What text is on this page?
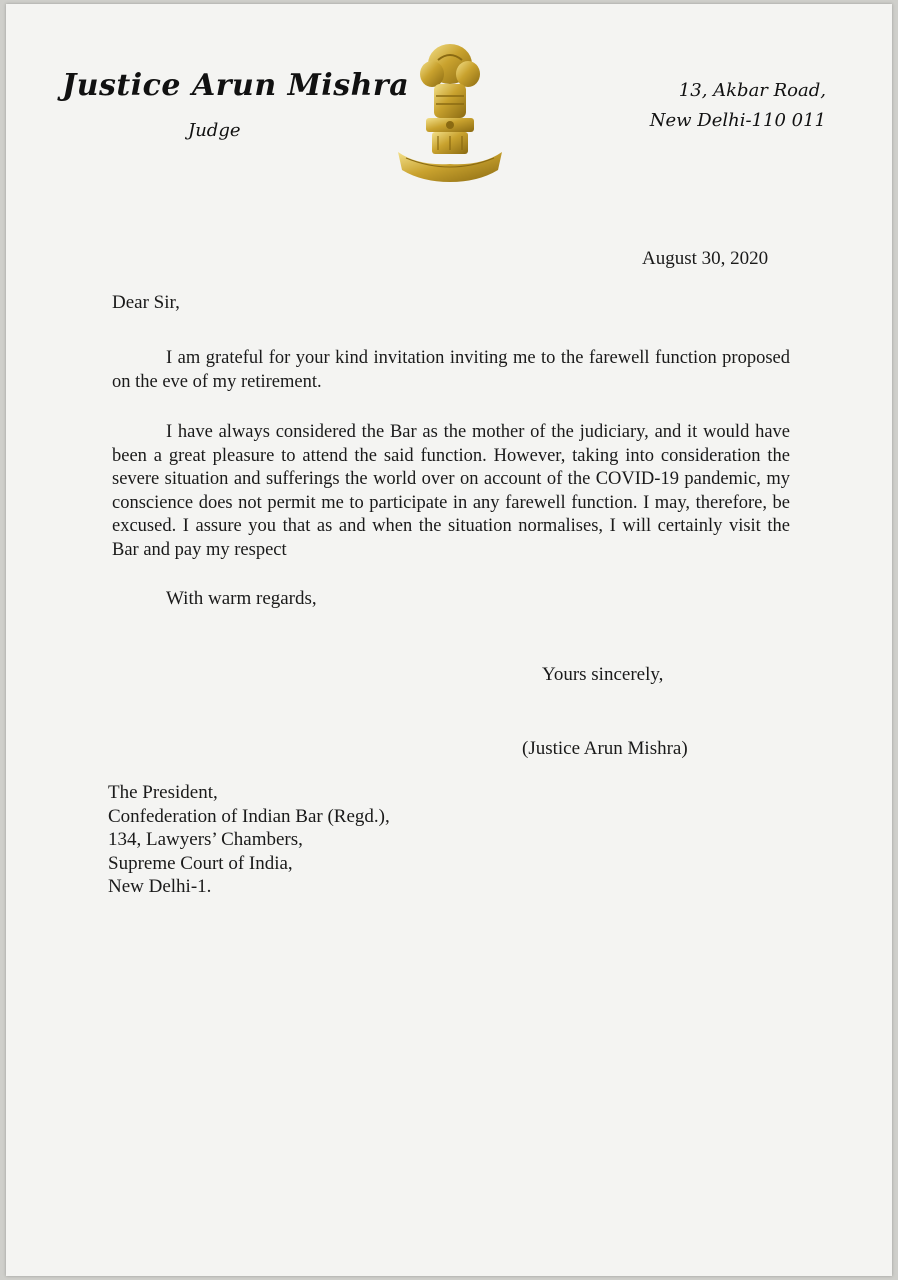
Justice Arun Mishra
Judge
13, Akbar Road,
New Delhi-110 011
August 30, 2020
Dear Sir,

I am grateful for your kind invitation inviting me to the farewell function proposed on the eve of my retirement.

I have always considered the Bar as the mother of the judiciary, and it would have been a great pleasure to attend the said function. However, taking into consideration the severe situation and sufferings the world over on account of the COVID-19 pandemic, my conscience does not permit me to participate in any farewell function. I may, therefore, be excused. I assure you that as and when the situation normalises, I will certainly visit the Bar and pay my respect

With warm regards,
Yours sincerely,
(Justice Arun Mishra)
The President,
Confederation of Indian Bar (Regd.),
134, Lawyers’ Chambers,
Supreme Court of India,
New Delhi-1.
